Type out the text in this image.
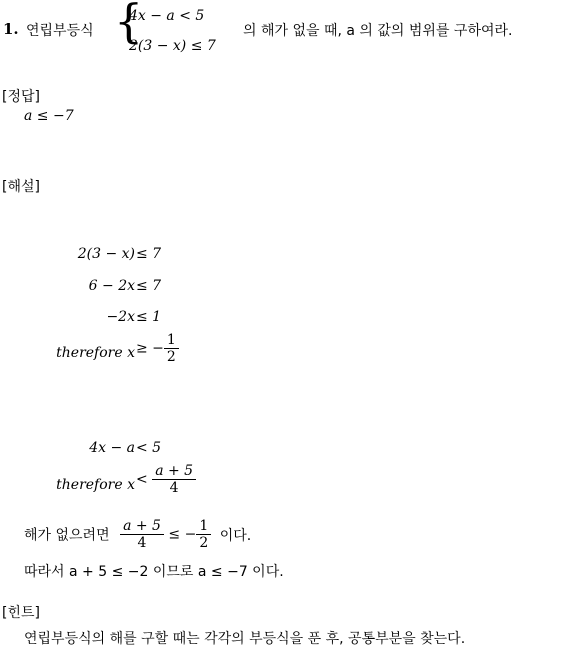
1. 연립부등식 {
4x − a < 5
2(3 − x) ≤ 7
의 해가 없을 때, a 의 값의 범위를 구하여라.
[정답]
a ≤ −7
[해설]
2(3 − x) ≤ 7
6 − 2x ≤ 7
−2x ≤ 1
therefore x ≥ − $\frac{1}{2}$
4x − a < 5
therefore $x < \frac{a + 5}{4}$
해가 없으려면 $\frac{a + 5}{4}$ ≤ − $\frac{1}{2}$ 이다.
따라서 a + 5 ≤ −2 이므로 a ≤ −7 이다.
[힌트]
연립부등식의 해를 구할 때는 각각의 부등식을 푼 후, 공통부분을 찾는다.
